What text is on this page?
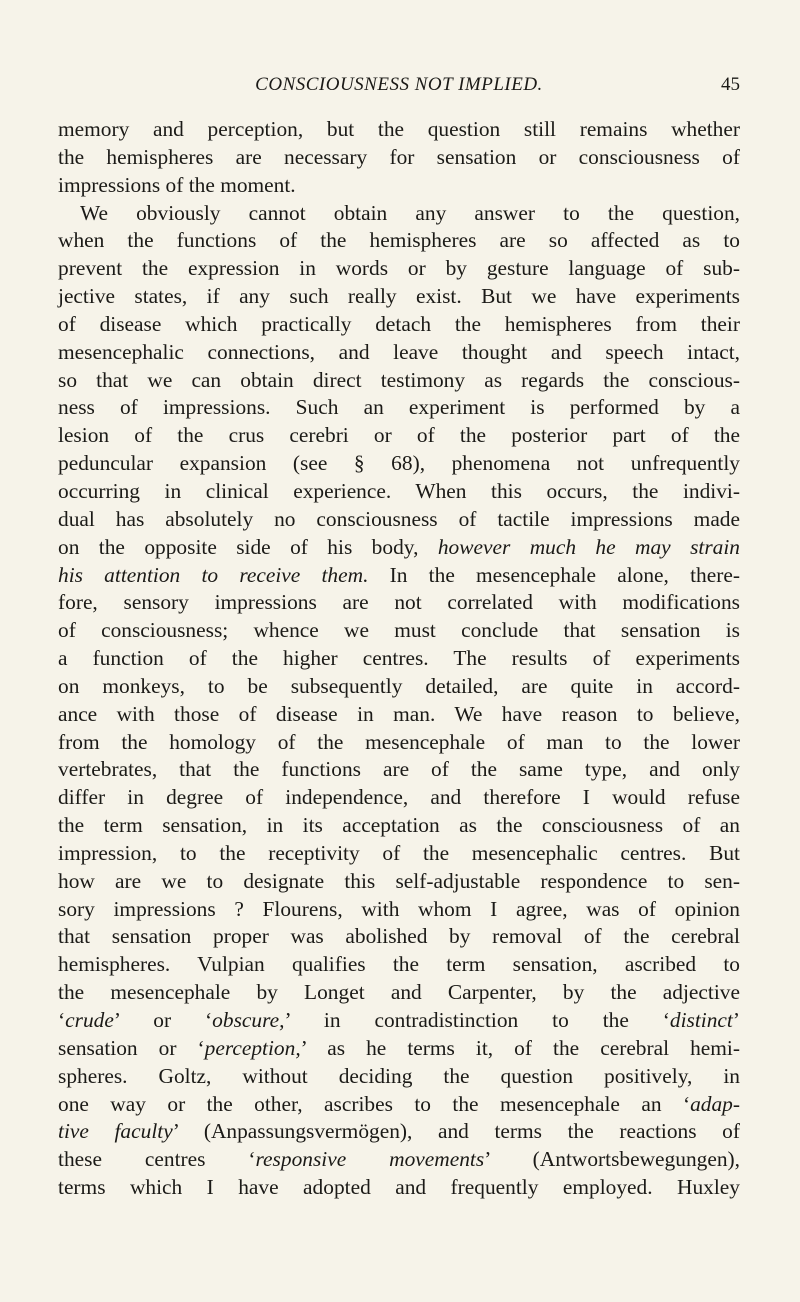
CONSCIOUSNESS NOT IMPLIED.	45
memory and perception, but the question still remains whether
the hemispheres are necessary for sensation or consciousness of
impressions of the moment.
We obviously cannot obtain any answer to the question,
when the functions of the hemispheres are so affected as to
prevent the expression in words or by gesture language of sub-
jective states, if any such really exist. But we have experiments
of disease which practically detach the hemispheres from their
mesencephalic connections, and leave thought and speech intact,
so that we can obtain direct testimony as regards the conscious-
ness of impressions. Such an experiment is performed by a
lesion of the crus cerebri or of the posterior part of the
peduncular expansion (see § 68), phenomena not unfrequently
occurring in clinical experience. When this occurs, the indivi-
dual has absolutely no consciousness of tactile impressions made
on the opposite side of his body, however much he may strain
his attention to receive them. In the mesencephale alone, there-
fore, sensory impressions are not correlated with modifications
of consciousness; whence we must conclude that sensation is
a function of the higher centres. The results of experiments
on monkeys, to be subsequently detailed, are quite in accord-
ance with those of disease in man. We have reason to believe,
from the homology of the mesencephale of man to the lower
vertebrates, that the functions are of the same type, and only
differ in degree of independence, and therefore I would refuse
the term sensation, in its acceptation as the consciousness of an
impression, to the receptivity of the mesencephalic centres. But
how are we to designate this self-adjustable respondence to sen-
sory impressions ? Flourens, with whom I agree, was of opinion
that sensation proper was abolished by removal of the cerebral
hemispheres. Vulpian qualifies the term sensation, ascribed to
the mesencephale by Longet and Carpenter, by the adjective
‘crude’ or ‘obscure,’ in contradistinction to the ‘distinct’
sensation or ‘perception,’ as he terms it, of the cerebral hemi-
spheres. Goltz, without deciding the question positively, in
one way or the other, ascribes to the mesencephale an ‘adap-
tive faculty’ (Anpassungsvermögen), and terms the reactions of
these centres ‘responsive movements’ (Antwortsbewegungen),
terms which I have adopted and frequently employed. Huxley
